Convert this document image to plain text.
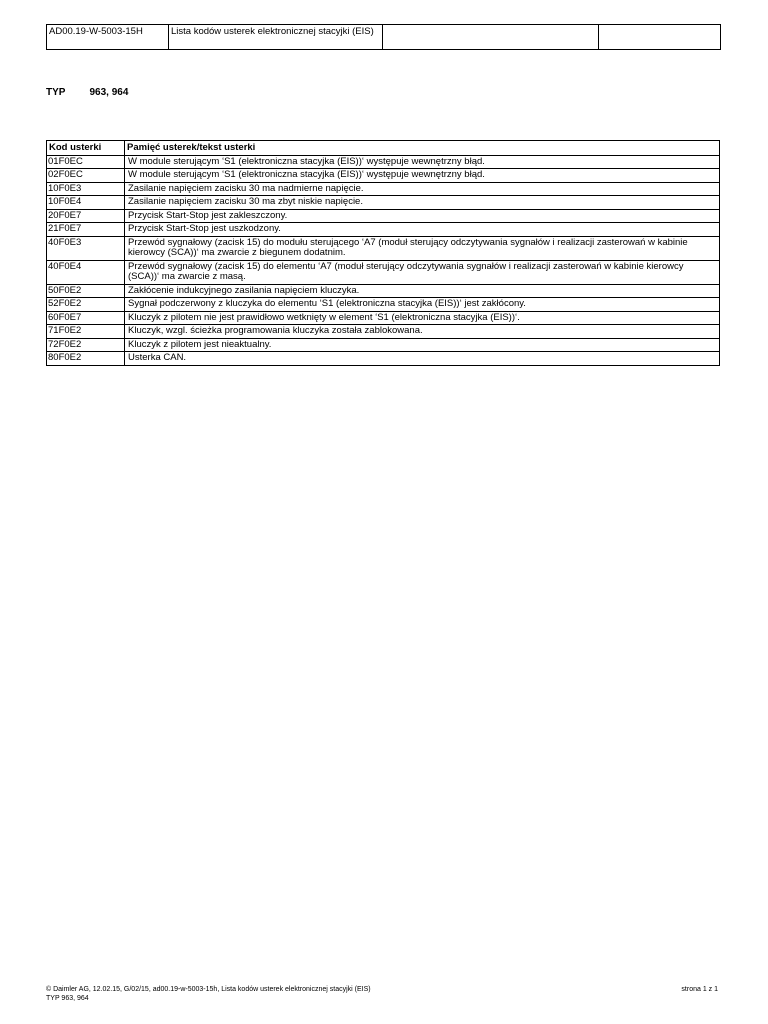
AD00.19-W-5003-15H	Lista kodów usterek elektronicznej stacyjki (EIS)		
TYP 963, 964
Kod usterki	Pamięć usterek/tekst usterki
01F0EC	W module sterującym ‘S1 (elektroniczna stacyjka (EIS))‘ występuje wewnętrzny błąd.
02F0EC	W module sterującym ‘S1 (elektroniczna stacyjka (EIS))‘ występuje wewnętrzny błąd.
10F0E3	Zasilanie napięciem zacisku 30 ma nadmierne napięcie.
10F0E4	Zasilanie napięciem zacisku 30 ma zbyt niskie napięcie.
20F0E7	Przycisk Start-Stop jest zakleszczony.
21F0E7	Przycisk Start-Stop jest uszkodzony.
40F0E3	Przewód sygnałowy (zacisk 15) do modułu sterującego ‘A7 (moduł sterujący odczytywania sygnałów i realizacji zasterowań w kabinie kierowcy (SCA))‘ ma zwarcie z biegunem dodatnim.
40F0E4	Przewód sygnałowy (zacisk 15) do elementu ‘A7 (moduł sterujący odczytywania sygnałów i realizacji zasterowań w kabinie kierowcy (SCA))‘ ma zwarcie z masą.
50F0E2	Zakłócenie indukcyjnego zasilania napięciem kluczyka.
52F0E2	Sygnał podczerwony z kluczyka do elementu ‘S1 (elektroniczna stacyjka (EIS))‘ jest zakłócony.
60F0E7	Kluczyk z pilotem nie jest prawidłowo wetknięty w element ‘S1 (elektroniczna stacyjka (EIS))‘.
71F0E2	Kluczyk, wzgl. ścieżka programowania kluczyka została zablokowana.
72F0E2	Kluczyk z pilotem jest nieaktualny.
80F0E2	Usterka CAN.
© Daimler AG, 12.02.15, G/02/15, ad00.19-w-5003-15h, Lista kodów usterek elektronicznej stacyjki (EIS)
TYP 963, 964
strona 1 z 1
